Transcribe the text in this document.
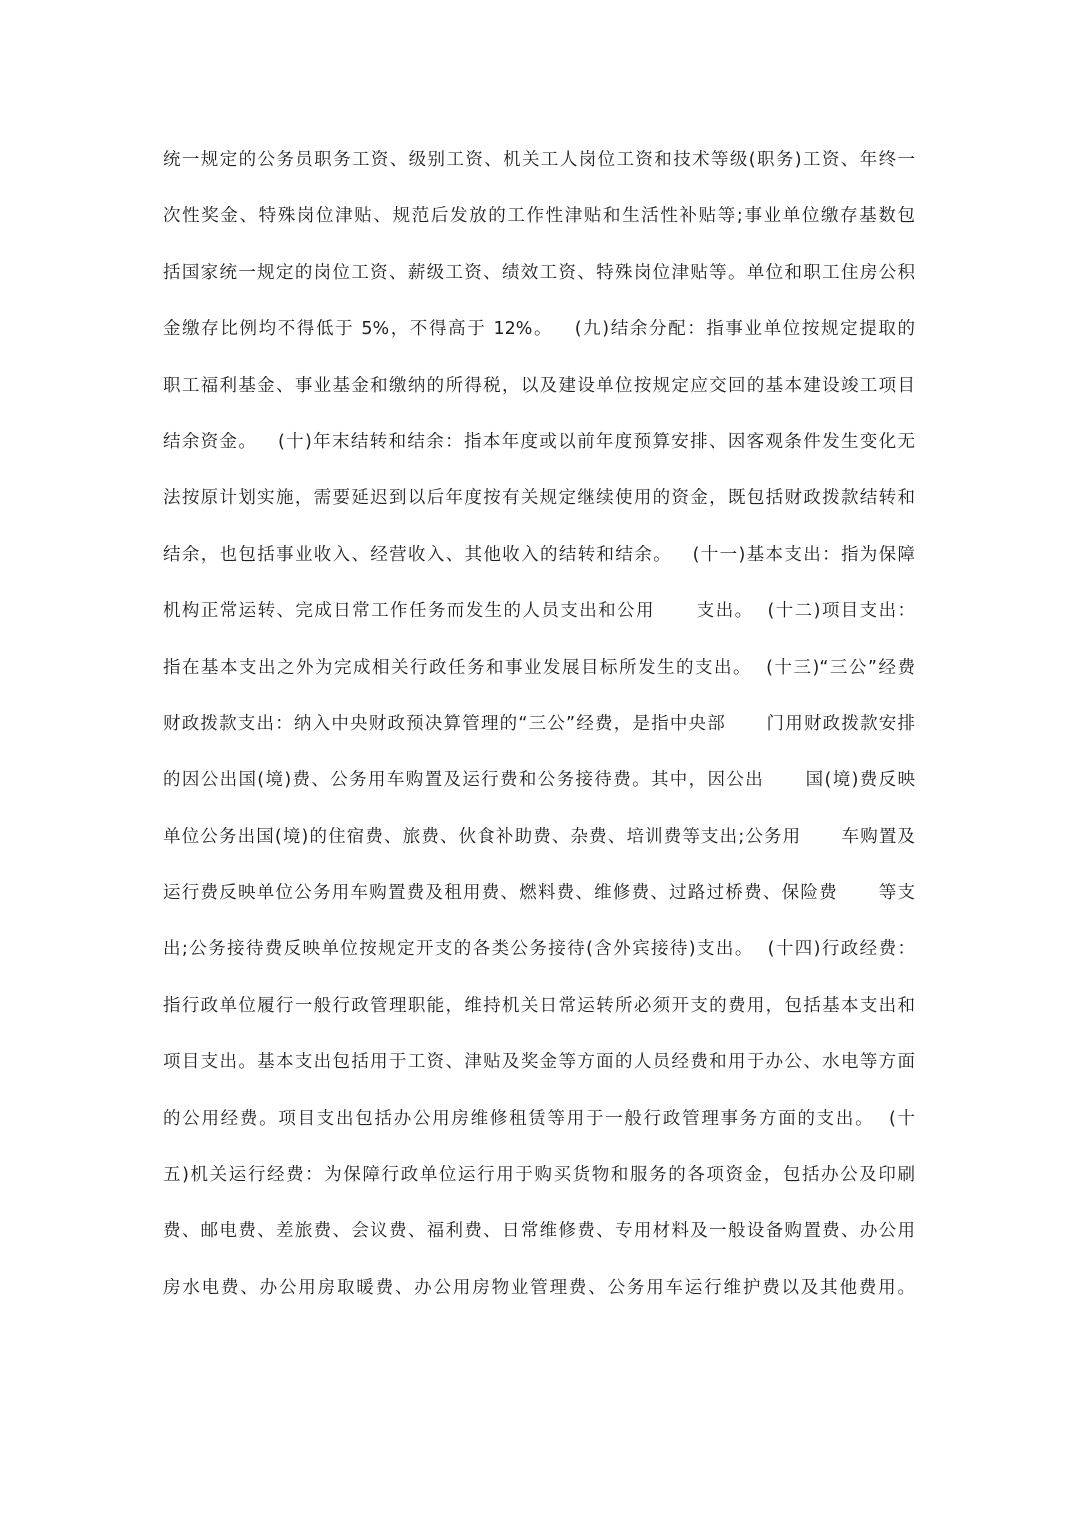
统一规定的公务员职务工资、级别工资、机关工人岗位工资和技术等级(职务)工资、年终一
次性奖金、特殊岗位津贴、规范后发放的工作性津贴和生活性补贴等;事业单位缴存基数包
括国家统一规定的岗位工资、薪级工资、绩效工资、特殊岗位津贴等。单位和职工住房公积
金缴存比例均不得低于 5%，不得高于 12%。   (九)结余分配：指事业单位按规定提取的
职工福利基金、事业基金和缴纳的所得税，以及建设单位按规定应交回的基本建设竣工项目
结余资金。   (十)年末结转和结余：指本年度或以前年度预算安排、因客观条件发生变化无
法按原计划实施，需要延迟到以后年度按有关规定继续使用的资金，既包括财政拨款结转和
结余，也包括事业收入、经营收入、其他收入的结转和结余。   (十一)基本支出：指为保障
机构正常运转、完成日常工作任务而发生的人员支出和公用      支出。  (十二)项目支出：
指在基本支出之外为完成相关行政任务和事业发展目标所发生的支出。  (十三)“三公”经费
财政拨款支出：纳入中央财政预决算管理的“三公”经费，是指中央部      门用财政拨款安排
的因公出国(境)费、公务用车购置及运行费和公务接待费。其中，因公出      国(境)费反映
单位公务出国(境)的住宿费、旅费、伙食补助费、杂费、培训费等支出;公务用      车购置及
运行费反映单位公务用车购置费及租用费、燃料费、维修费、过路过桥费、保险费      等支
出;公务接待费反映单位按规定开支的各类公务接待(含外宾接待)支出。  (十四)行政经费：
指行政单位履行一般行政管理职能，维持机关日常运转所必须开支的费用，包括基本支出和
项目支出。基本支出包括用于工资、津贴及奖金等方面的人员经费和用于办公、水电等方面
的公用经费。项目支出包括办公用房维修租赁等用于一般行政管理事务方面的支出。  (十
五)机关运行经费：为保障行政单位运行用于购买货物和服务的各项资金，包括办公及印刷
费、邮电费、差旅费、会议费、福利费、日常维修费、专用材料及一般设备购置费、办公用
房水电费、办公用房取暖费、办公用房物业管理费、公务用车运行维护费以及其他费用。
